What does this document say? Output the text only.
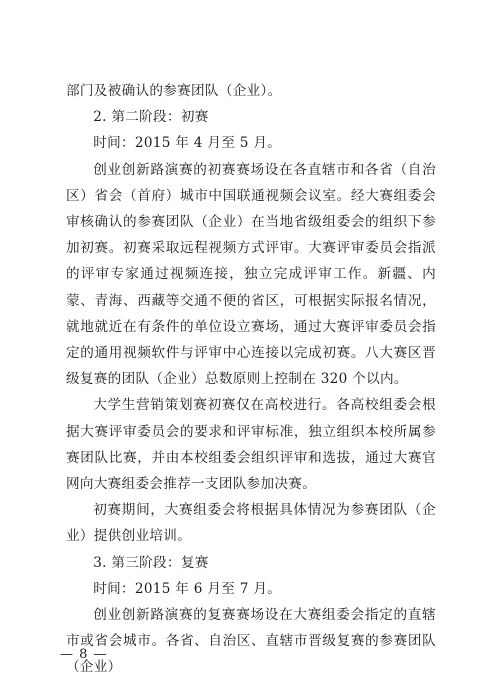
部门及被确认的参赛团队（企业）。

2. 第二阶段：初赛

时间：2015 年 4 月至 5 月。

创业创新路演赛的初赛赛场设在各直辖市和各省（自治区）省会（首府）城市中国联通视频会议室。经大赛组委会审核确认的参赛团队（企业）在当地省级组委会的组织下参加初赛。初赛采取远程视频方式评审。大赛评审委员会指派的评审专家通过视频连接，独立完成评审工作。新疆、内蒙、青海、西藏等交通不便的省区，可根据实际报名情况，就地就近在有条件的单位设立赛场，通过大赛评审委员会指定的通用视频软件与评审中心连接以完成初赛。八大赛区晋级复赛的团队（企业）总数原则上控制在 320 个以内。

大学生营销策划赛初赛仅在高校进行。各高校组委会根据大赛评审委员会的要求和评审标准，独立组织本校所属参赛团队比赛，并由本校组委会组织评审和选拔，通过大赛官网向大赛组委会推荐一支团队参加决赛。

初赛期间，大赛组委会将根据具体情况为参赛团队（企业）提供创业培训。

3. 第三阶段：复赛

时间：2015 年 6 月至 7 月。

创业创新路演赛的复赛赛场设在大赛组委会指定的直辖市或省会城市。各省、自治区、直辖市晋级复赛的参赛团队（企业）

— 8 —
